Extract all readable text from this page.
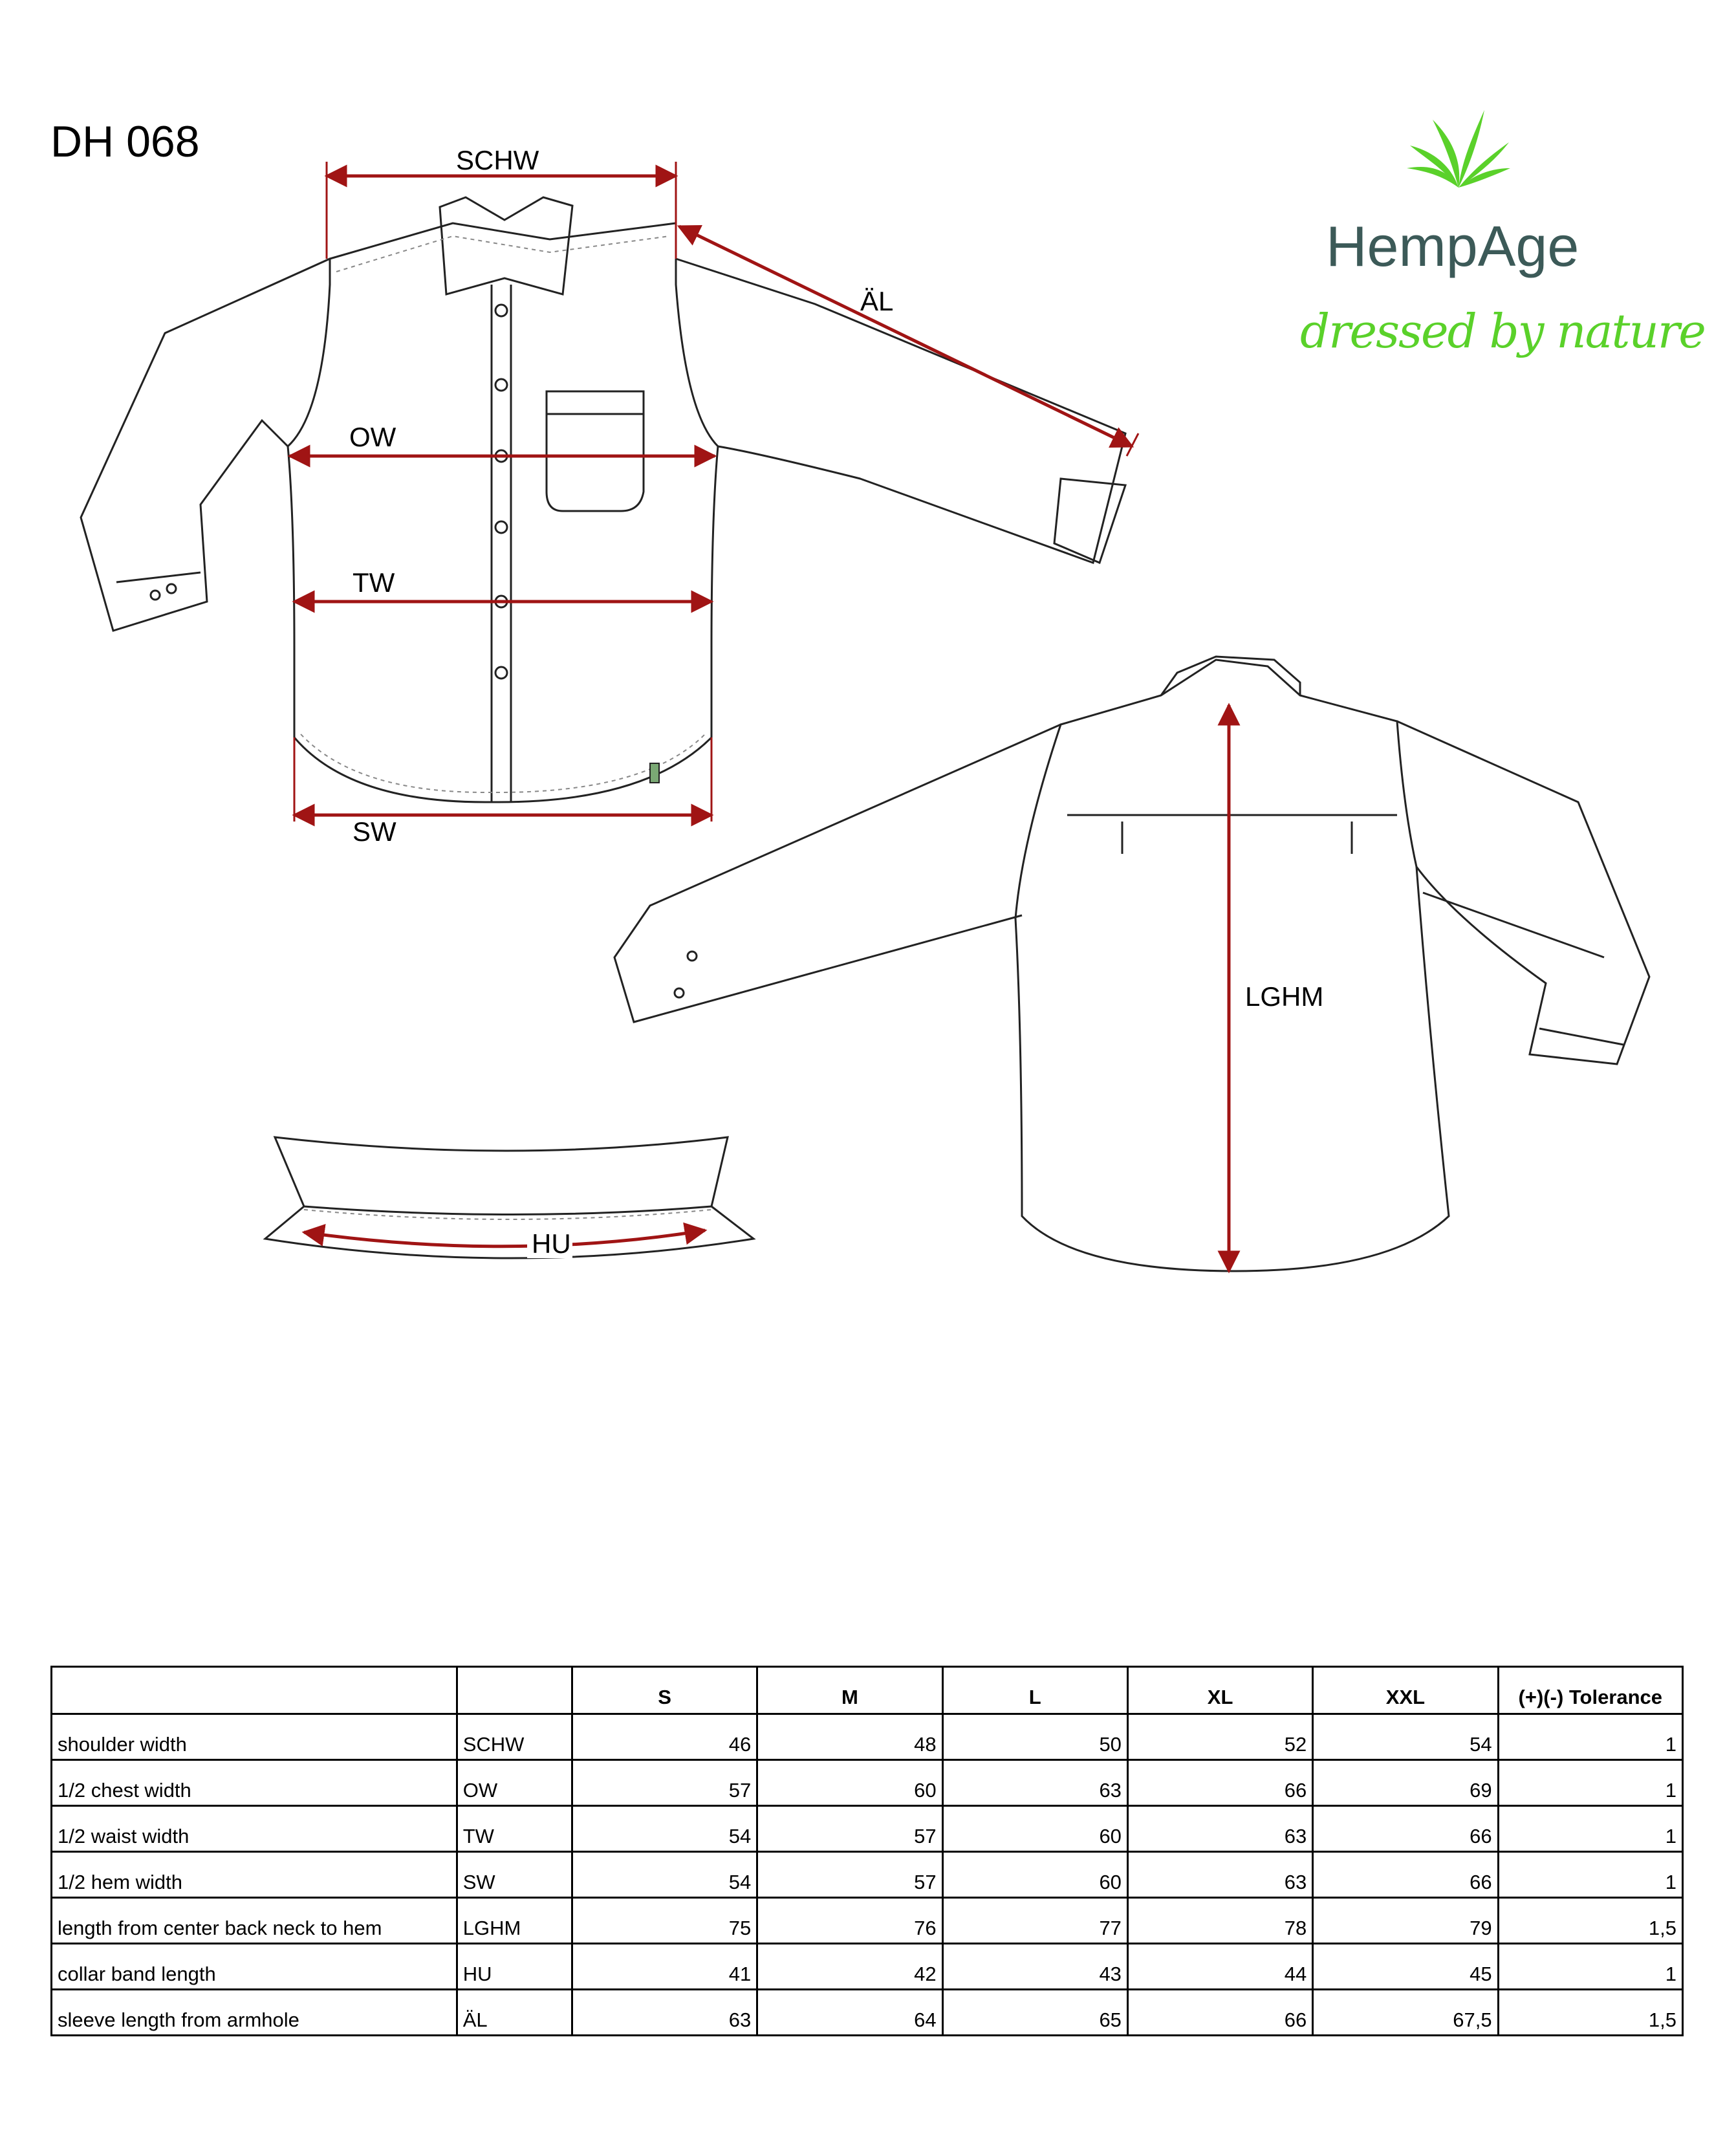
DH 068
HempAge
dressed by nature
SCHW
ÄL
OW
TW
SW
LGHM
HU
		S	M	L	XL	XXL	(+)(-) Tolerance
shoulder width	SCHW	46	48	50	52	54	1
1/2 chest width	OW	57	60	63	66	69	1
1/2 waist width	TW	54	57	60	63	66	1
1/2 hem width	SW	54	57	60	63	66	1
length from center back neck to hem	LGHM	75	76	77	78	79	1,5
collar band length	HU	41	42	43	44	45	1
sleeve length from armhole	ÄL	63	64	65	66	67,5	1,5
